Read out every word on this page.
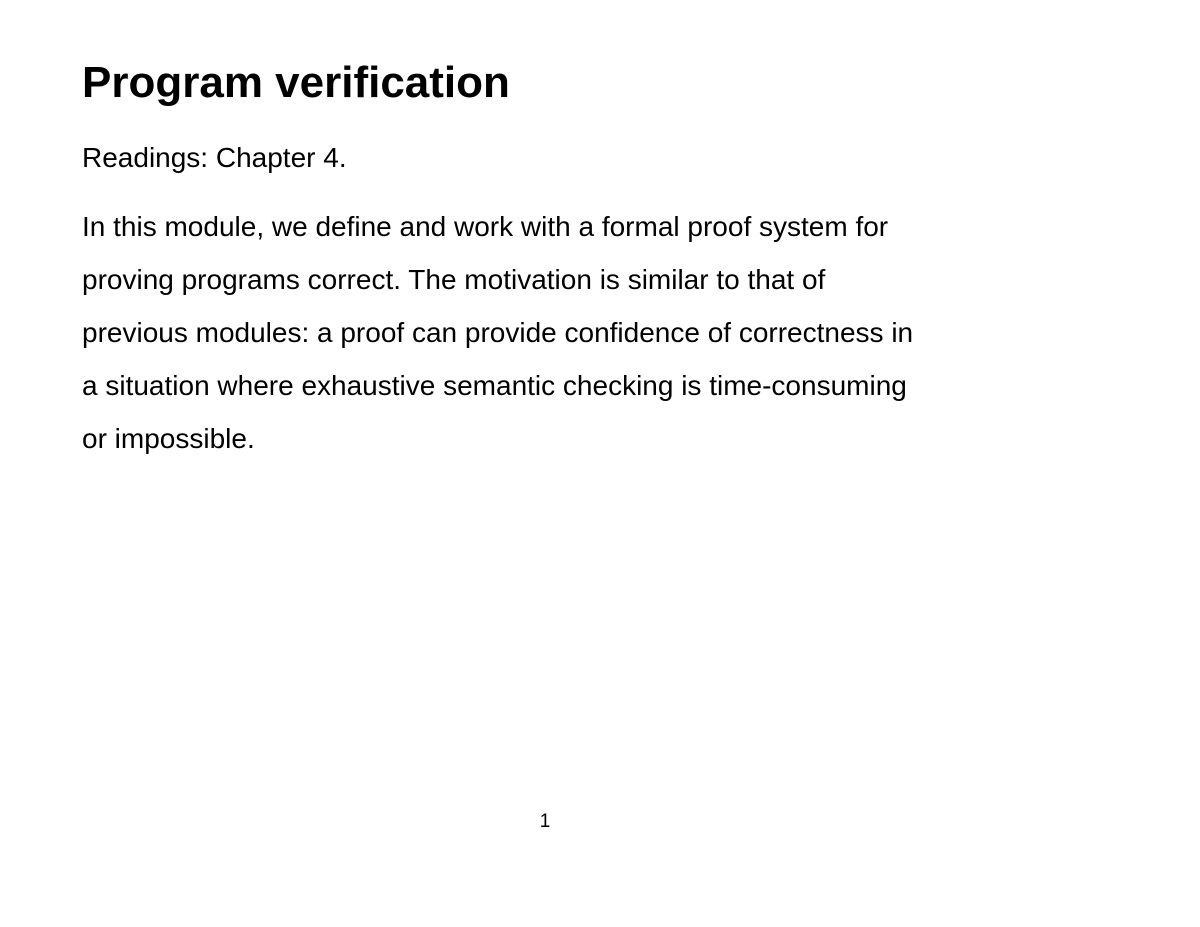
Program verification

Readings: Chapter 4.

In this module, we define and work with a formal proof system for
proving programs correct. The motivation is similar to that of
previous modules: a proof can provide confidence of correctness in
a situation where exhaustive semantic checking is time-consuming
or impossible.

1
